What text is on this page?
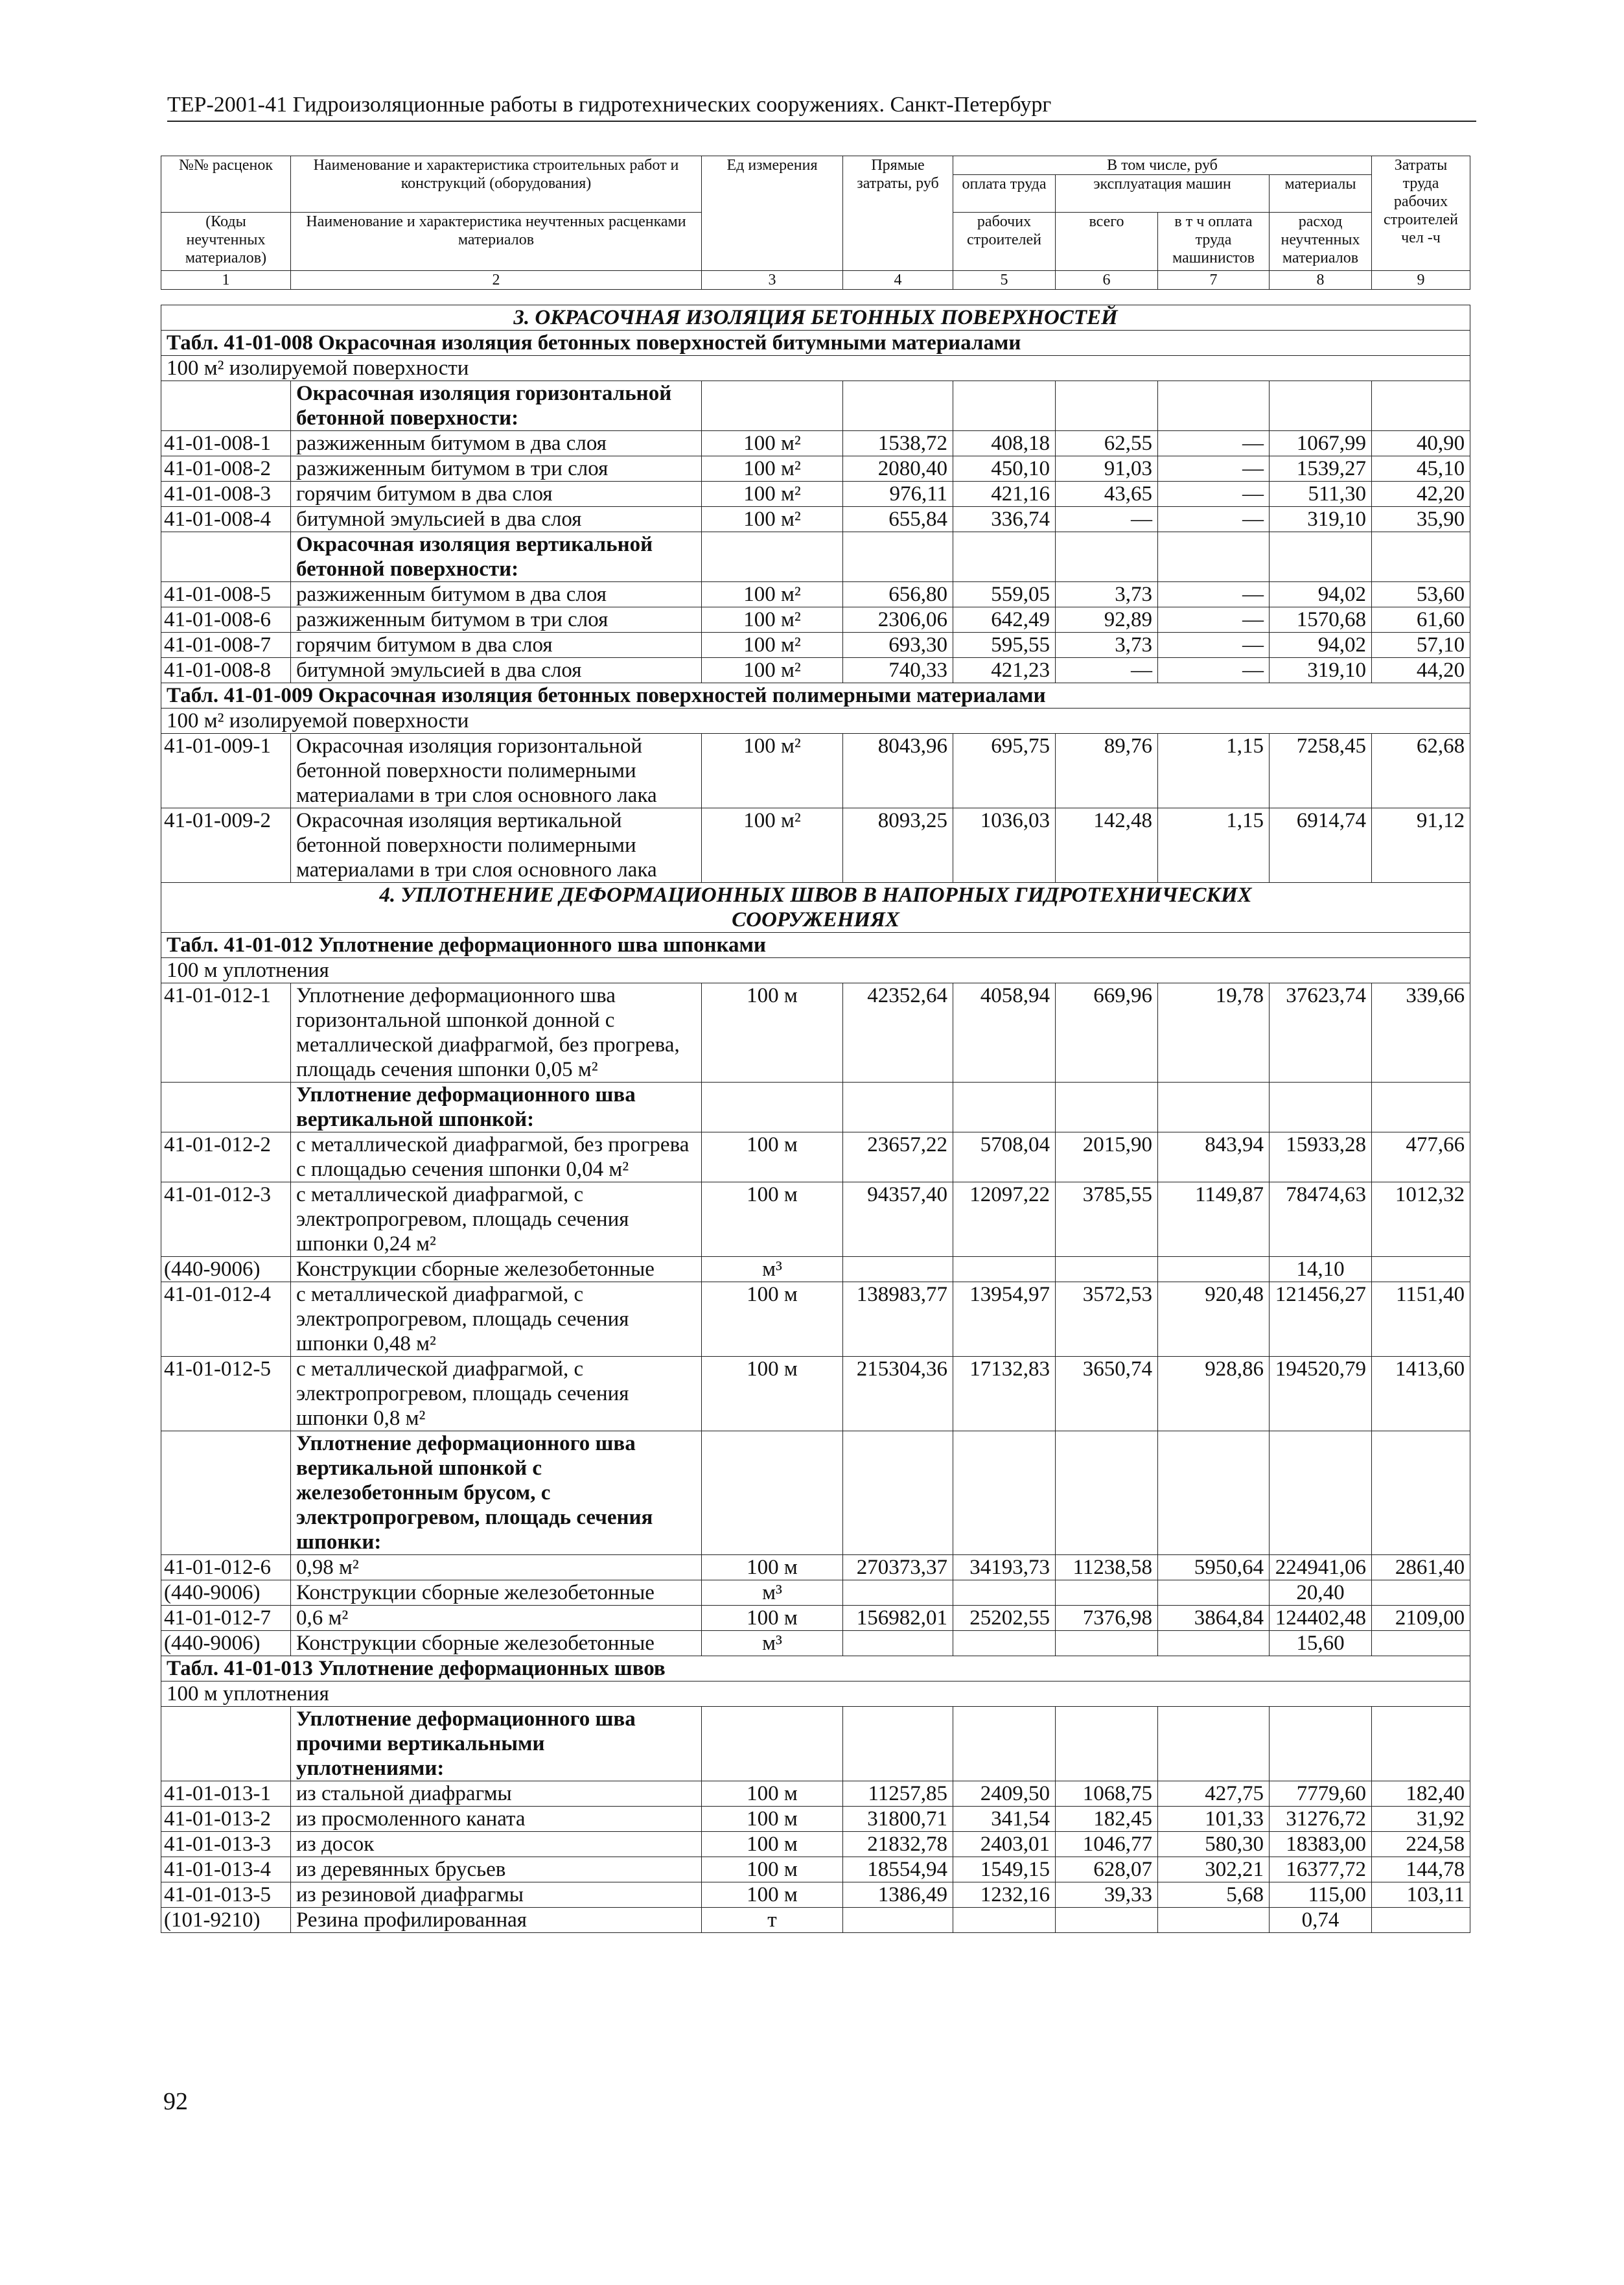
ТЕР-2001-41 Гидроизоляционные работы в гидротехнических сооружениях. Санкт-Петербург
№№ расценок	Наименование и характеристика строительных работ и конструкций (оборудования)	Ед измерения	Прямые затраты, руб	В том числе, руб				Затраты труда рабочих строителей чел -ч
				оплата труда	эксплуатация машин		материалы	

(Коды неучтенных материалов)	Наименование и характеристика неучтенных расценками материалов			рабочих строителей	всего	в т ч оплата труда машинистов	расход неучтенных материалов	

1	2	3	4	5	6	7	8	9
3. ОКРАСОЧНАЯ ИЗОЛЯЦИЯ БЕТОННЫХ ПОВЕРХНОСТЕЙ								
Табл. 41-01-008 Окрасочная изоляция бетонных поверхностей битумными материалами								
100 м² изолируемой поверхности								
	Окрасочная изоляция горизонтальной бетонной поверхности:							
41-01-008-1	разжиженным битумом в два слоя	100 м²	1538,72	408,18	62,55	—	1067,99	40,90
41-01-008-2	разжиженным битумом в три слоя	100 м²	2080,40	450,10	91,03	—	1539,27	45,10
41-01-008-3	горячим битумом в два слоя	100 м²	976,11	421,16	43,65	—	511,30	42,20
41-01-008-4	битумной эмульсией в два слоя	100 м²	655,84	336,74	—	—	319,10	35,90
	Окрасочная изоляция вертикальной бетонной поверхности:							
41-01-008-5	разжиженным битумом в два слоя	100 м²	656,80	559,05	3,73	—	94,02	53,60
41-01-008-6	разжиженным битумом в три слоя	100 м²	2306,06	642,49	92,89	—	1570,68	61,60
41-01-008-7	горячим битумом в два слоя	100 м²	693,30	595,55	3,73	—	94,02	57,10
41-01-008-8	битумной эмульсией в два слоя	100 м²	740,33	421,23	—	—	319,10	44,20
Табл. 41-01-009 Окрасочная изоляция бетонных поверхностей полимерными материалами								
100 м² изолируемой поверхности								
41-01-009-1	Окрасочная изоляция горизонтальной бетонной поверхности полимерными материалами в три слоя основного лака	100 м²	8043,96	695,75	89,76	1,15	7258,45	62,68
41-01-009-2	Окрасочная изоляция вертикальной бетонной поверхности полимерными материалами в три слоя основного лака	100 м²	8093,25	1036,03	142,48	1,15	6914,74	91,12

4. УПЛОТНЕНИЕ ДЕФОРМАЦИОННЫХ ШВОВ В НАПОРНЫХ ГИДРОТЕХНИЧЕСКИХ
СООРУЖЕНИЯХ								

Табл. 41-01-012 Уплотнение деформационного шва шпонками								
100 м уплотнения								
41-01-012-1	Уплотнение деформационного шва горизонтальной шпонкой донной с металлической диафрагмой, без прогрева, площадь сечения шпонки 0,05 м²	100 м	42352,64	4058,94	669,96	19,78	37623,74	339,66
	Уплотнение деформационного шва вертикальной шпонкой:							
41-01-012-2	с металлической диафрагмой, без прогрева с площадью сечения шпонки 0,04 м²	100 м	23657,22	5708,04	2015,90	843,94	15933,28	477,66
41-01-012-3	с металлической диафрагмой, с электропрогревом, площадь сечения шпонки 0,24 м²	100 м	94357,40	12097,22	3785,55	1149,87	78474,63	1012,32
(440-9006)	Конструкции сборные железобетонные	м³					14,10	
41-01-012-4	с металлической диафрагмой, с электропрогревом, площадь сечения шпонки 0,48 м²	100 м	138983,77	13954,97	3572,53	920,48	121456,27	1151,40
41-01-012-5	с металлической диафрагмой, с электропрогревом, площадь сечения шпонки 0,8 м²	100 м	215304,36	17132,83	3650,74	928,86	194520,79	1413,60
	Уплотнение деформационного шва вертикальной шпонкой с железобетонным брусом, с электропрогревом, площадь сечения шпонки:							
41-01-012-6	0,98 м²	100 м	270373,37	34193,73	11238,58	5950,64	224941,06	2861,40
(440-9006)	Конструкции сборные железобетонные	м³					20,40	
41-01-012-7	0,6 м²	100 м	156982,01	25202,55	7376,98	3864,84	124402,48	2109,00
(440-9006)	Конструкции сборные железобетонные	м³					15,60	
Табл. 41-01-013 Уплотнение деформационных швов								
100 м уплотнения								
	Уплотнение деформационного шва прочими вертикальными уплотнениями:							
41-01-013-1	из стальной диафрагмы	100 м	11257,85	2409,50	1068,75	427,75	7779,60	182,40
41-01-013-2	из просмоленного каната	100 м	31800,71	341,54	182,45	101,33	31276,72	31,92
41-01-013-3	из досок	100 м	21832,78	2403,01	1046,77	580,30	18383,00	224,58
41-01-013-4	из деревянных брусьев	100 м	18554,94	1549,15	628,07	302,21	16377,72	144,78
41-01-013-5	из резиновой диафрагмы	100 м	1386,49	1232,16	39,33	5,68	115,00	103,11
(101-9210)	Резина профилированная	т					0,74	
92
